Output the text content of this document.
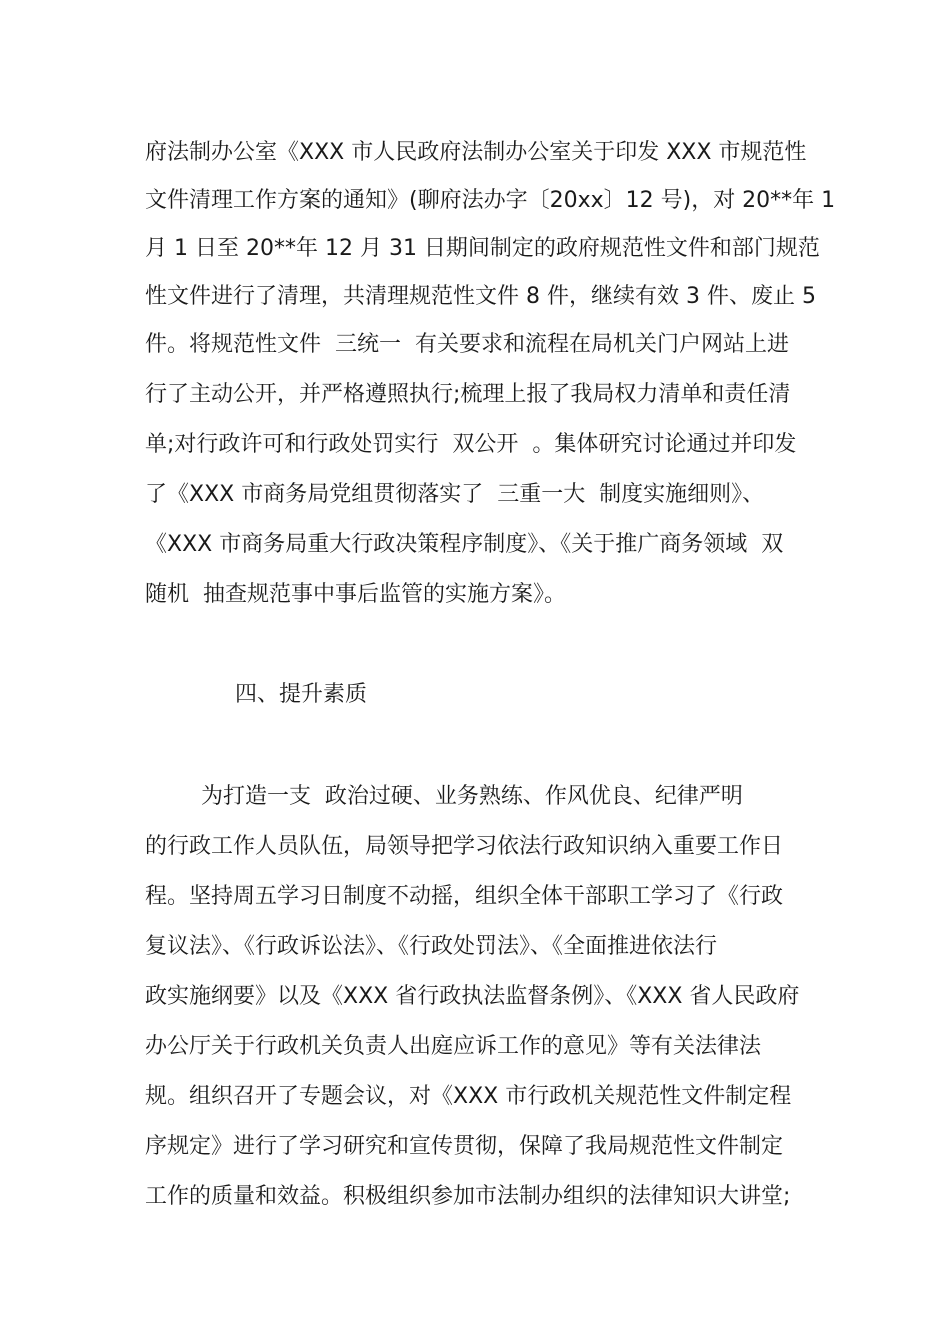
府法制办公室《XXX 市人民政府法制办公室关于印发 XXX 市规范性
文件清理工作方案的通知》(聊府法办字〔20xx〕12 号)，对 20**年 1
月 1 日至 20**年 12 月 31 日期间制定的政府规范性文件和部门规范
性文件进行了清理，共清理规范性文件 8 件，继续有效 3 件、废止 5
件。将规范性文件  三统一  有关要求和流程在局机关门户网站上进
行了主动公开，并严格遵照执行;梳理上报了我局权力清单和责任清
单;对行政许可和行政处罚实行  双公开  。集体研究讨论通过并印发
了《XXX 市商务局党组贯彻落实了  三重一大  制度实施细则》、
《XXX 市商务局重大行政决策程序制度》、《关于推广商务领域  双
随机  抽查规范事中事后监管的实施方案》。
四、提升素质
为打造一支  政治过硬、业务熟练、作风优良、纪律严明
的行政工作人员队伍，局领导把学习依法行政知识纳入重要工作日
程。坚持周五学习日制度不动摇，组织全体干部职工学习了《行政
复议法》、《行政诉讼法》、《行政处罚法》、《全面推进依法行
政实施纲要》以及《XXX 省行政执法监督条例》、《XXX 省人民政府
办公厅关于行政机关负责人出庭应诉工作的意见》等有关法律法
规。组织召开了专题会议，对《XXX 市行政机关规范性文件制定程
序规定》进行了学习研究和宣传贯彻，保障了我局规范性文件制定
工作的质量和效益。积极组织参加市法制办组织的法律知识大讲堂;
